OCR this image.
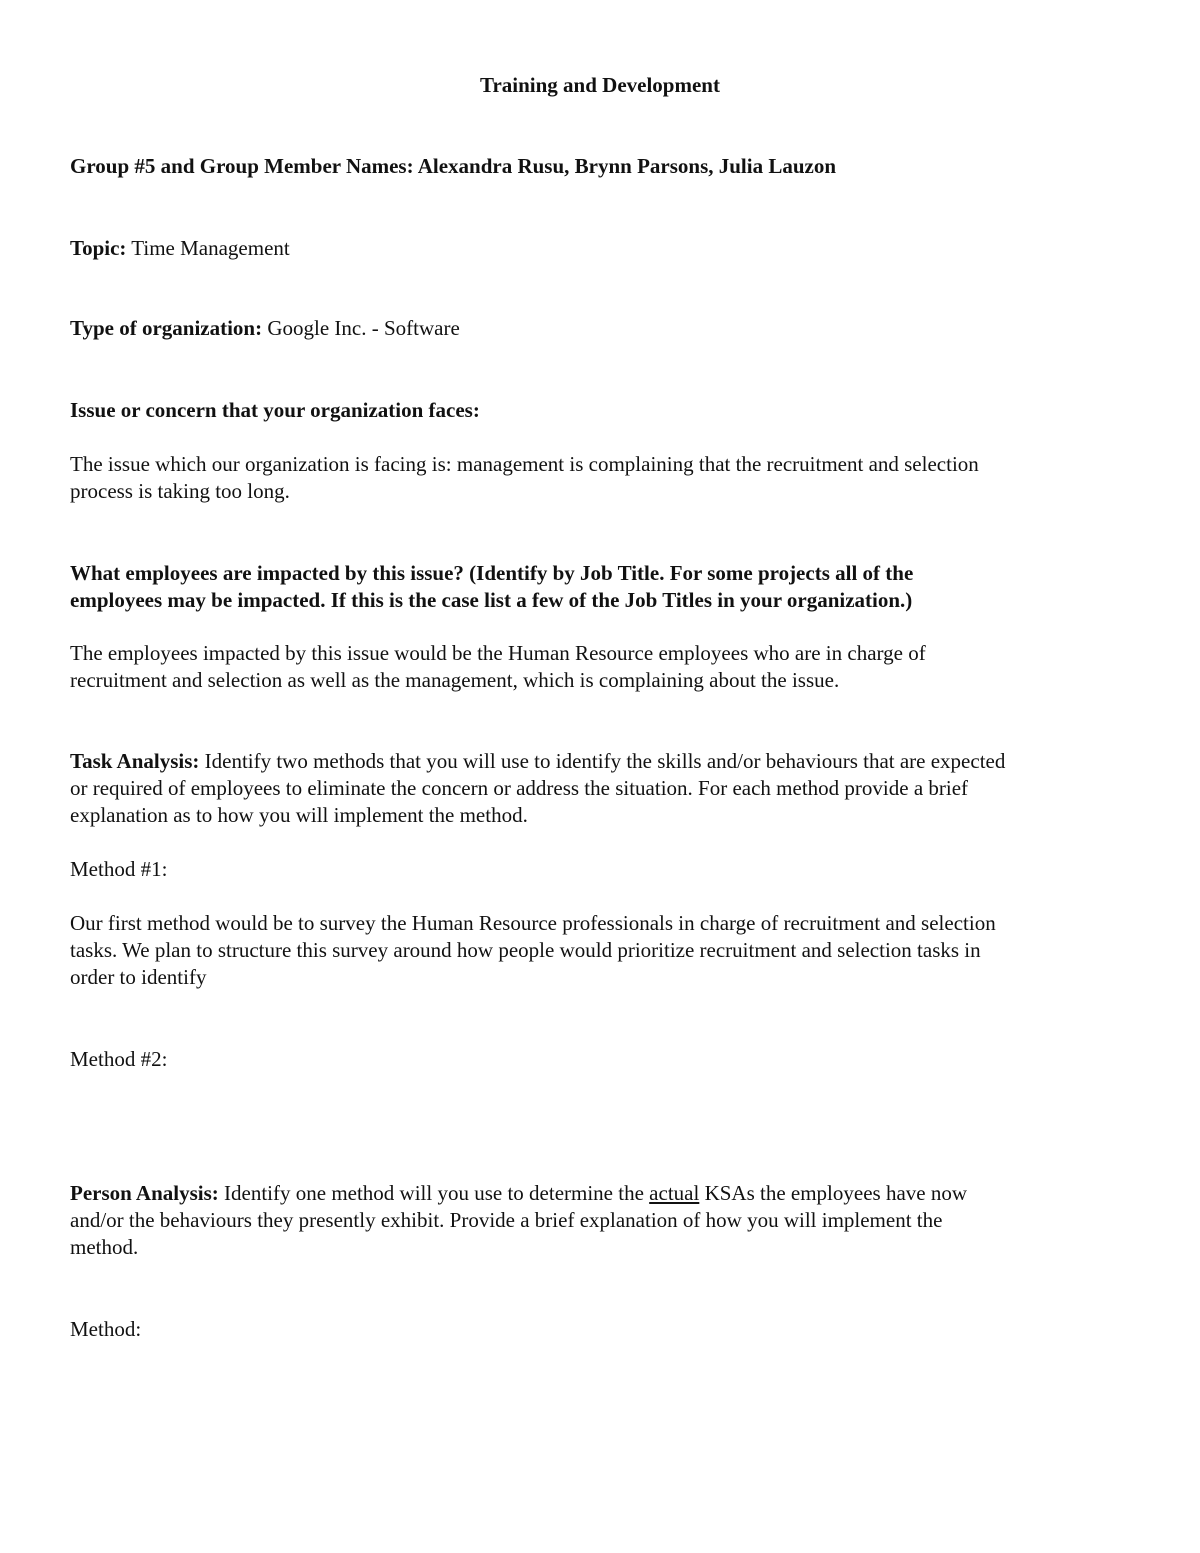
Training and Development
Group #5 and Group Member Names: Alexandra Rusu, Brynn Parsons, Julia Lauzon
Topic: Time Management
Type of organization: Google Inc. - Software
Issue or concern that your organization faces:
The issue which our organization is facing is: management is complaining that the recruitment and selection
process is taking too long.
What employees are impacted by this issue? (Identify by Job Title. For some projects all of the
employees may be impacted. If this is the case list a few of the Job Titles in your organization.)
The employees impacted by this issue would be the Human Resource employees who are in charge of
recruitment and selection as well as the management, which is complaining about the issue.
Task Analysis: Identify two methods that you will use to identify the skills and/or behaviours that are expected
or required of employees to eliminate the concern or address the situation. For each method provide a brief
explanation as to how you will implement the method.
Method #1:
Our first method would be to survey the Human Resource professionals in charge of recruitment and selection
tasks. We plan to structure this survey around how people would prioritize recruitment and selection tasks in
order to identify
Method #2:
Person Analysis: Identify one method will you use to determine the actual KSAs the employees have now
and/or the behaviours they presently exhibit. Provide a brief explanation of how you will implement the
method.
Method:
